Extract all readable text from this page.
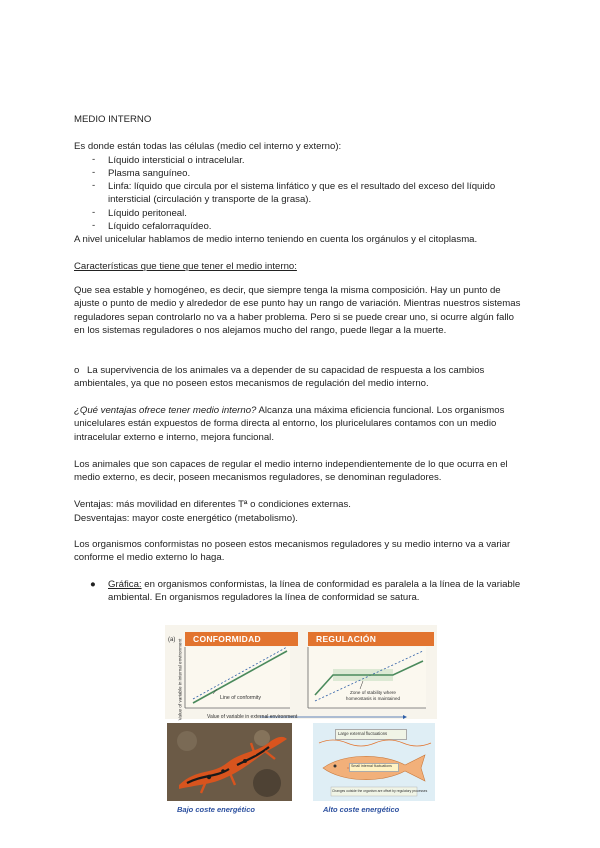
MEDIO INTERNO
Es donde están todas las células (medio cel interno y externo):
- Líquido intersticial o intracelular.
- Plasma sanguíneo.
- Linfa: líquido que circula por el sistema linfático y que es el resultado del exceso del líquido intersticial (circulación y transporte de la grasa).
- Líquido peritoneal.
- Líquido cefalorraquídeo.
A nivel unicelular hablamos de medio interno teniendo en cuenta los orgánulos y el citoplasma.
Características que tiene que tener el medio interno:
Que sea estable y homogéneo, es decir, que siempre tenga la misma composición. Hay un punto de ajuste o punto de medio y alrededor de ese punto hay un rango de variación. Mientras nuestros sistemas reguladores sepan controlarlo no va a haber problema. Pero si se puede crear uno, si ocurre algún fallo en los sistemas reguladores o nos alejamos mucho del rango, puede llegar a la muerte.
o La supervivencia de los animales va a depender de su capacidad de respuesta a los cambios ambientales, ya que no poseen estos mecanismos de regulación del medio interno.
¿Qué ventajas ofrece tener medio interno? Alcanza una máxima eficiencia funcional. Los organismos unicelulares están expuestos de forma directa al entorno, los pluricelulares contamos con un medio intracelular externo e interno, mejora funcional.
Los animales que son capaces de regular el medio interno independientemente de lo que ocurra en el medio externo, es decir, poseen mecanismos reguladores, se denominan reguladores.
Ventajas: más movilidad en diferentes Tª o condiciones externas.
Desventajas: mayor coste energético (metabolismo).
Los organismos conformistas no poseen estos mecanismos reguladores y su medio interno va a variar conforme el medio externo lo haga.
● Gráfica: en organismos conformistas, la línea de conformidad es paralela a la línea de la variable ambiental. En organismos reguladores la línea de conformidad se satura.
(a)	CONFORMIDAD	REGULACIÓN
Value of variable in internal environment	Line of conformity
Zone of stability where homeostasis is maintained
Value of variable in external environment
Large external fluctuations
Small internal fluctuations
Changes outside the organism are offset by regulatory processes
Bajo coste energético	Alto coste energético
